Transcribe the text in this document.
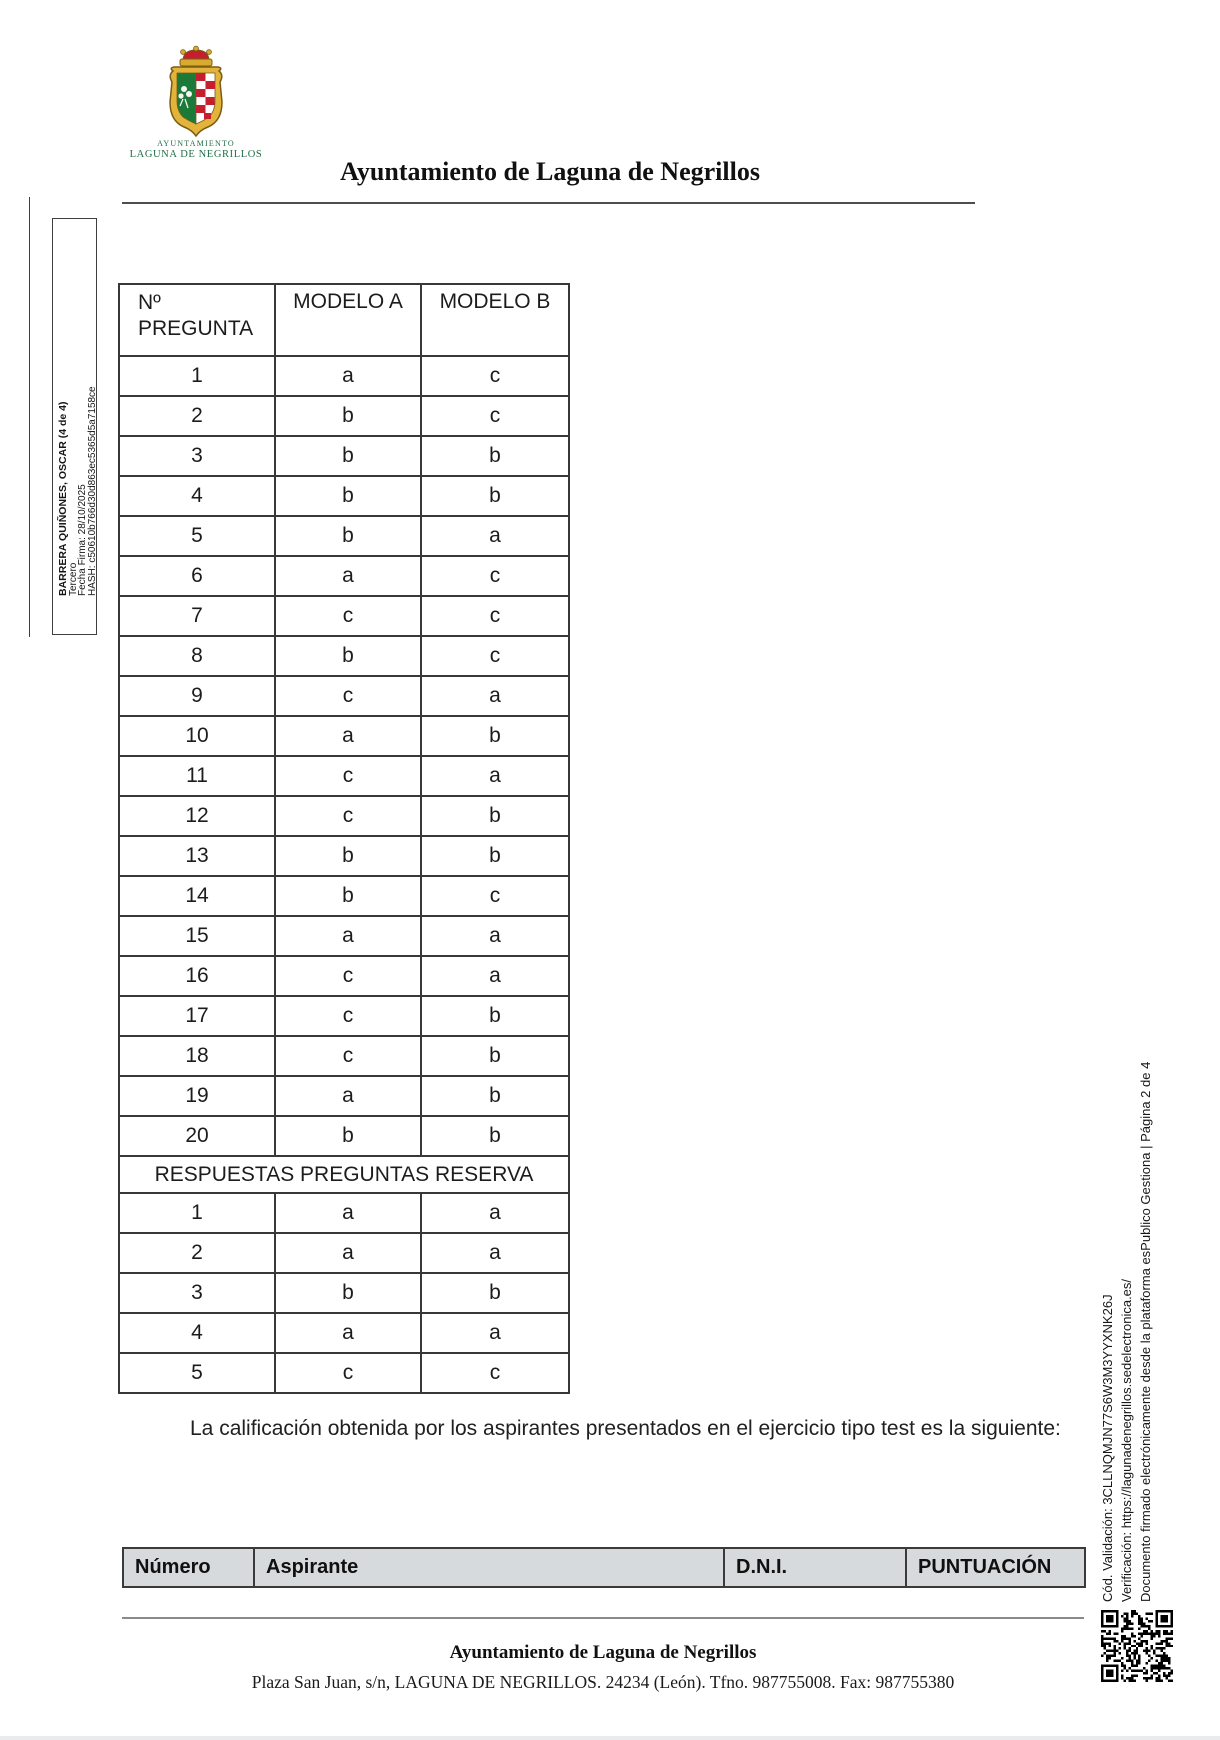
AYUNTAMIENTO
LAGUNA DE NEGRILLOS
Ayuntamiento de Laguna de Negrillos
BARRERA QUIÑONES, OSCAR (4 de 4)
Tercero
Fecha Firma: 28/10/2025
HASH: c50610b766d30d863ec5365d5a7158ce
Nº PREGUNTA	MODELO A	MODELO B
1	a	c
2	b	c
3	b	b
4	b	b
5	b	a
6	a	c
7	c	c
8	b	c
9	c	a
10	a	b
11	c	a
12	c	b
13	b	b
14	b	c
15	a	a
16	c	a
17	c	b
18	c	b
19	a	b
20	b	b
RESPUESTAS PREGUNTAS RESERVA		
1	a	a
2	a	a
3	b	b
4	a	a
5	c	c
La calificación obtenida por los aspirantes presentados en el ejercicio tipo test es la siguiente:
Número	Aspirante	D.N.I.	PUNTUACIÓN	Cód. Validación: 3CLLNQMJN77S6W3M3YYXNK26J Verificación: https://lagunadenegrillos.sedelectronica.es/ Documento firmado electrónicamente desde la plataforma esPublico Gestiona | Página 2 de 4
Ayuntamiento de Laguna de Negrillos
Plaza San Juan, s/n, LAGUNA DE NEGRILLOS. 24234 (León). Tfno. 987755008. Fax: 987755380
